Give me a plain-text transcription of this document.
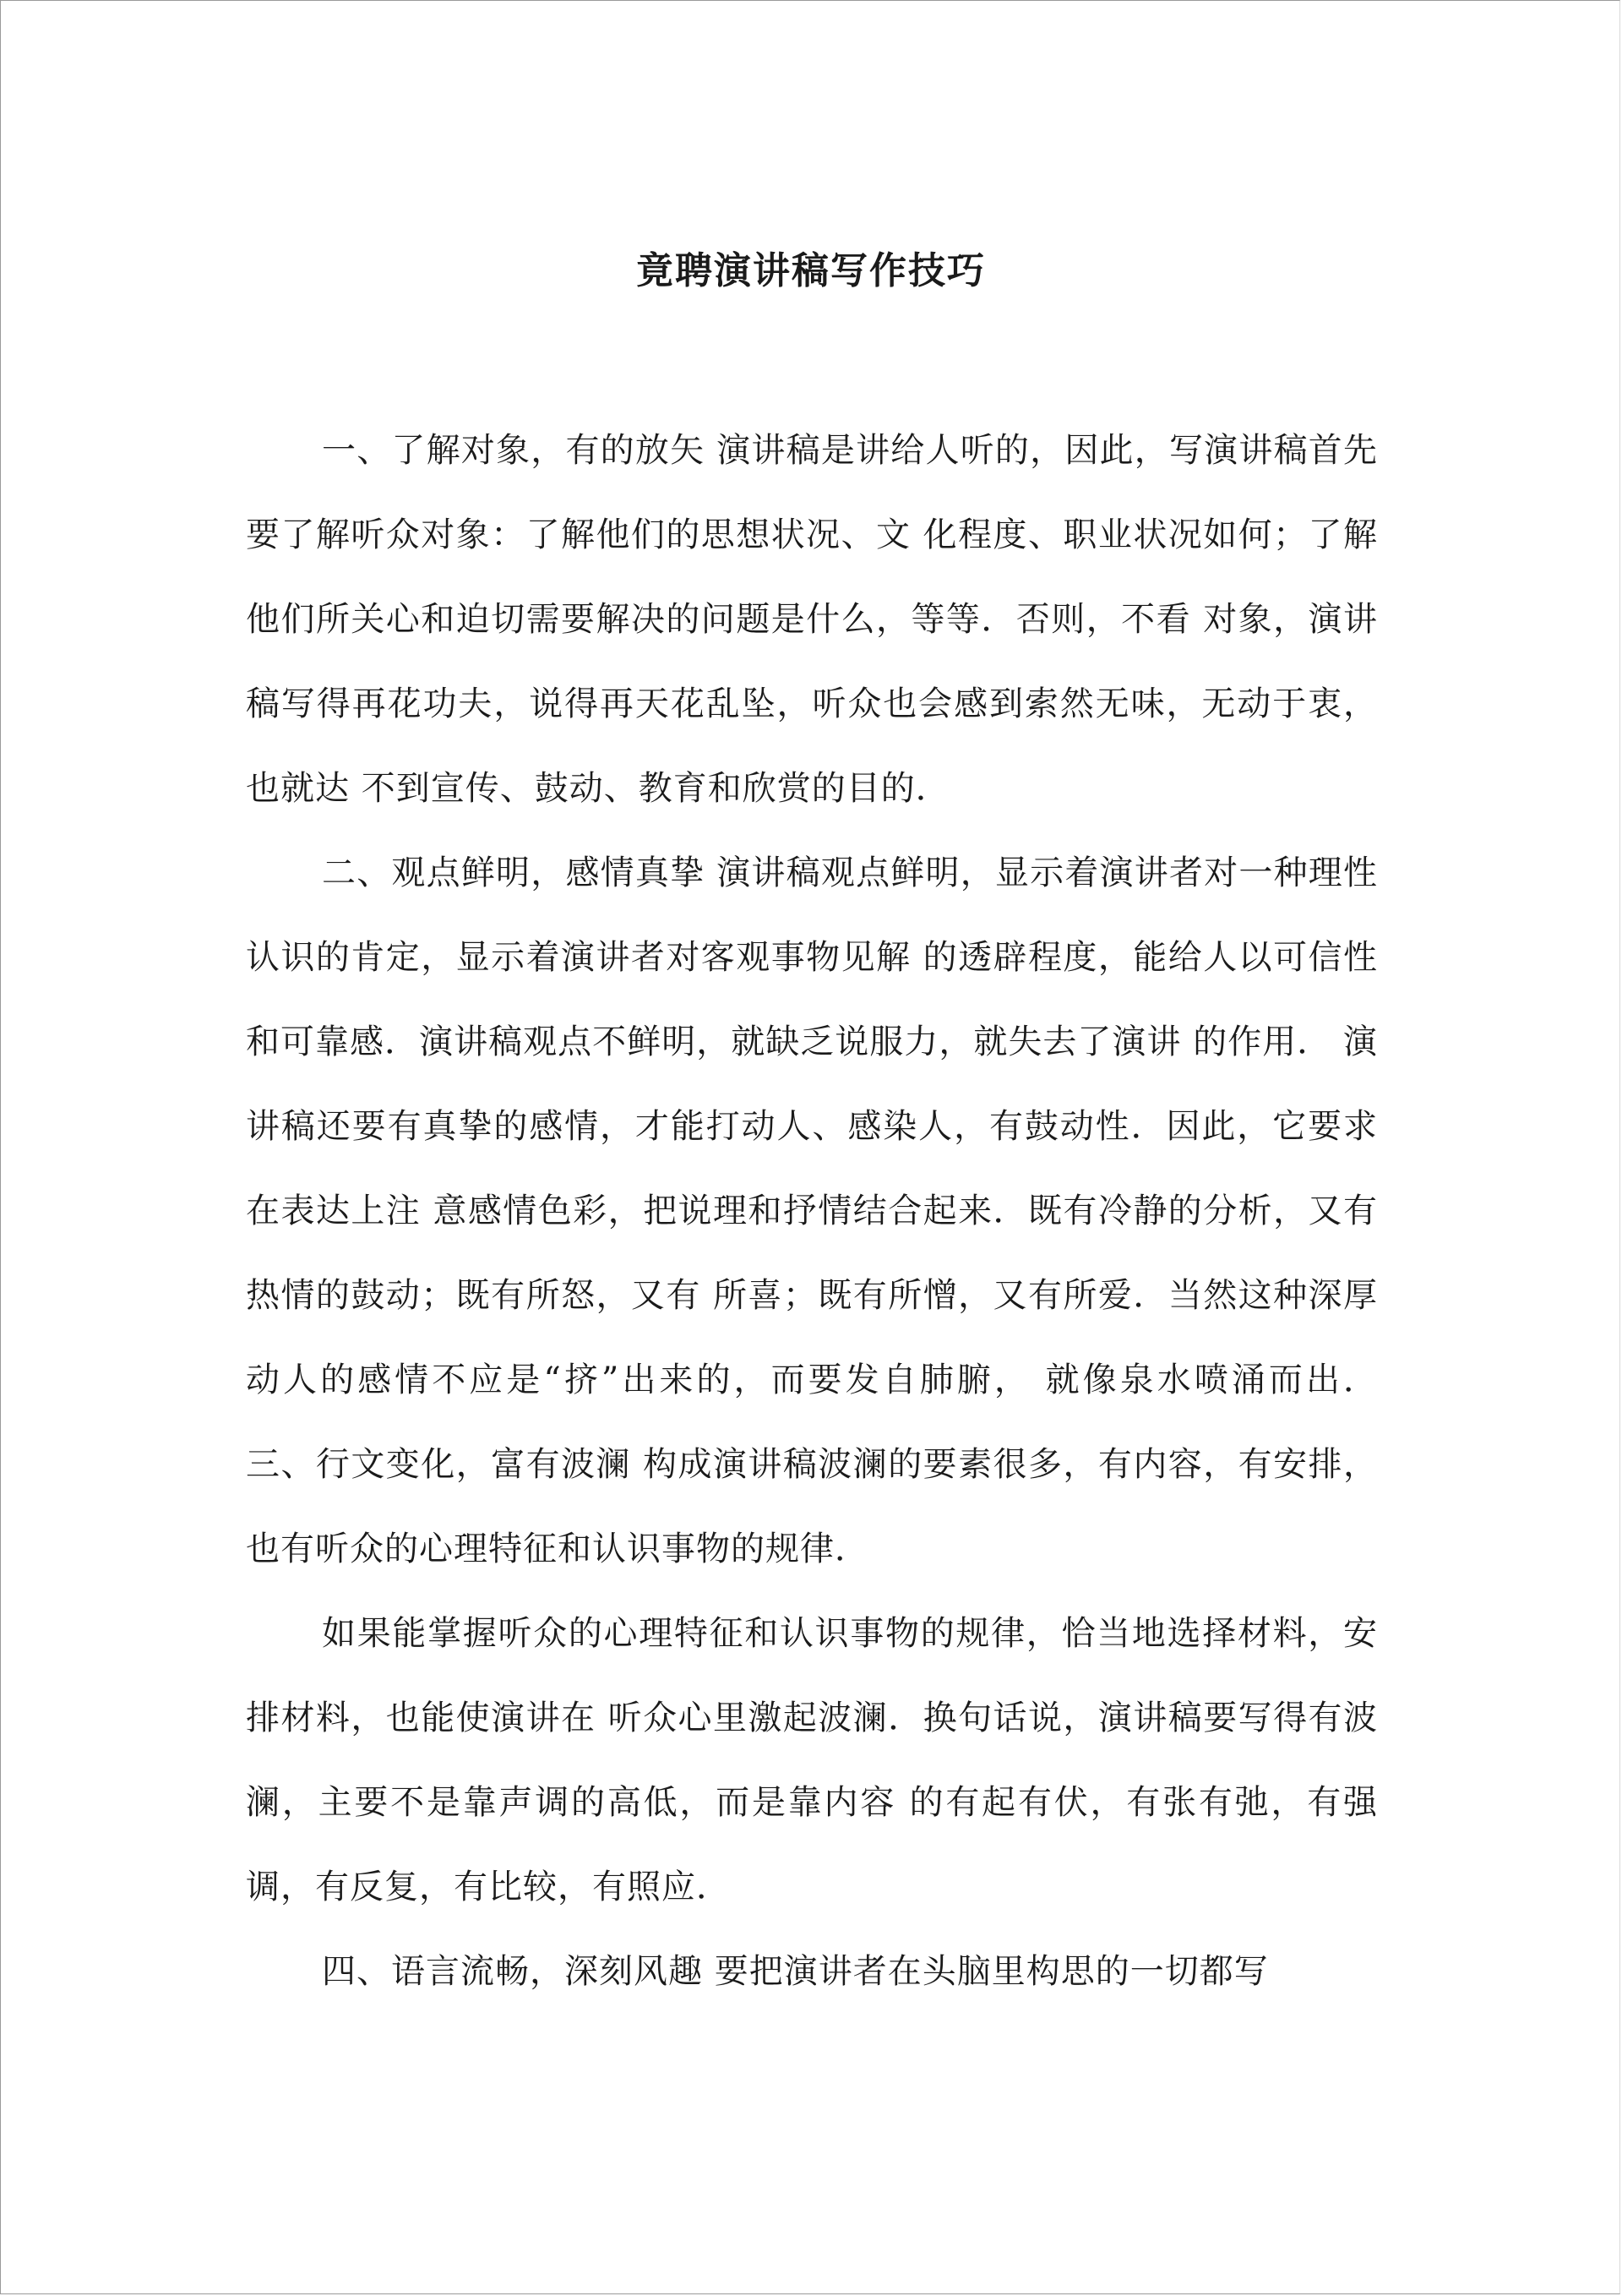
竟聘演讲稿写作技巧

一、了解对象，有的放矢 演讲稿是讲给人听的，因此，写演讲稿首先要了解听众对象：了解他们的思想状况、文 化程度、职业状况如何；了解他们所关心和迫切需要解决的问题是什么，等等．否则，不看 对象，演讲稿写得再花功夫，说得再天花乱坠，听众也会感到索然无味，无动于衷，也就达 不到宣传、鼓动、教育和欣赏的目的．

二、观点鲜明，感情真挚 演讲稿观点鲜明，显示着演讲者对一种理性认识的肯定，显示着演讲者对客观事物见解 的透辟程度，能给人以可信性和可靠感．演讲稿观点不鲜明，就缺乏说服力，就失去了演讲 的作用． 演讲稿还要有真挚的感情，才能打动人、感染人，有鼓动性．因此，它要求在表达上注 意感情色彩，把说理和抒情结合起来．既有冷静的分析，又有热情的鼓动；既有所怒，又有 所喜；既有所憎，又有所爱．当然这种深厚动人的感情不应是“挤”出来的，而要发自肺腑， 就像泉水喷涌而出． 三、行文变化，富有波澜 构成演讲稿波澜的要素很多，有内容，有安排，也有听众的心理特征和认识事物的规律．

如果能掌握听众的心理特征和认识事物的规律，恰当地选择材料，安排材料，也能使演讲在 听众心里激起波澜．换句话说，演讲稿要写得有波澜，主要不是靠声调的高低，而是靠内容 的有起有伏，有张有弛，有强调，有反复，有比较，有照应．

四、语言流畅，深刻风趣 要把演讲者在头脑里构思的一切都写
